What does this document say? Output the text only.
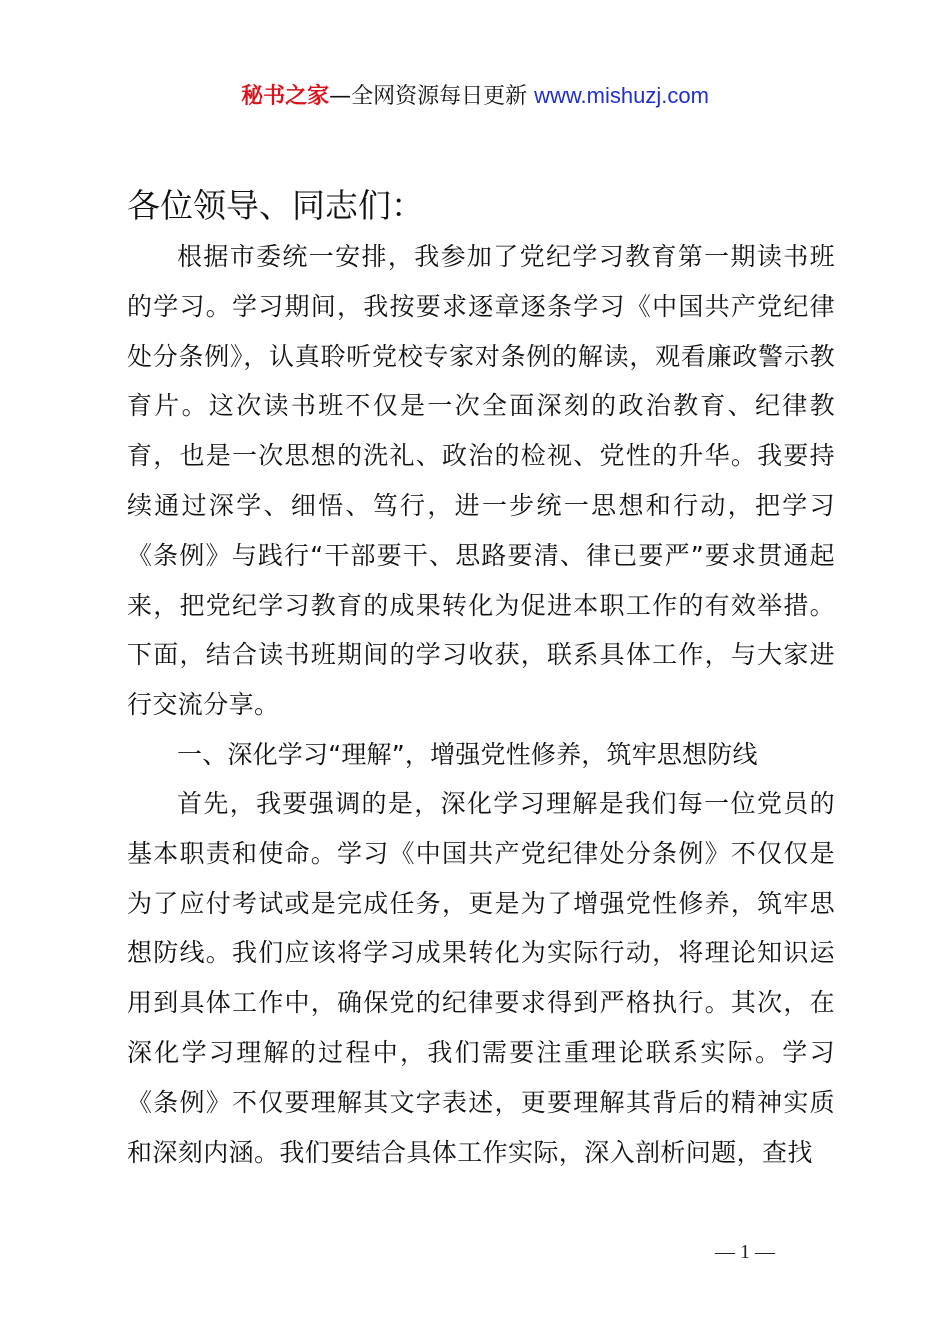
秘书之家—全网资源每日更新 www.mishuzj.com
各位领导、同志们：

根据市委统一安排，我参加了党纪学习教育第一期读书班的学习。学习期间，我按要求逐章逐条学习《中国共产党纪律处分条例》，认真聆听党校专家对条例的解读，观看廉政警示教育片。这次读书班不仅是一次全面深刻的政治教育、纪律教育，也是一次思想的洗礼、政治的检视、党性的升华。我要持续通过深学、细悟、笃行，进一步统一思想和行动，把学习《条例》与践行“干部要干、思路要清、律已要严”要求贯通起来，把党纪学习教育的成果转化为促进本职工作的有效举措。下面，结合读书班期间的学习收获，联系具体工作，与大家进行交流分享。

一、深化学习“理解”，增强党性修养，筑牢思想防线

首先，我要强调的是，深化学习理解是我们每一位党员的基本职责和使命。学习《中国共产党纪律处分条例》不仅仅是为了应付考试或是完成任务，更是为了增强党性修养，筑牢思想防线。我们应该将学习成果转化为实际行动，将理论知识运用到具体工作中，确保党的纪律要求得到严格执行。其次，在深化学习理解的过程中，我们需要注重理论联系实际。学习《条例》不仅要理解其文字表述，更要理解其背后的精神实质和深刻内涵。我们要结合具体工作实际，深入剖析问题，查找

— 1 —
